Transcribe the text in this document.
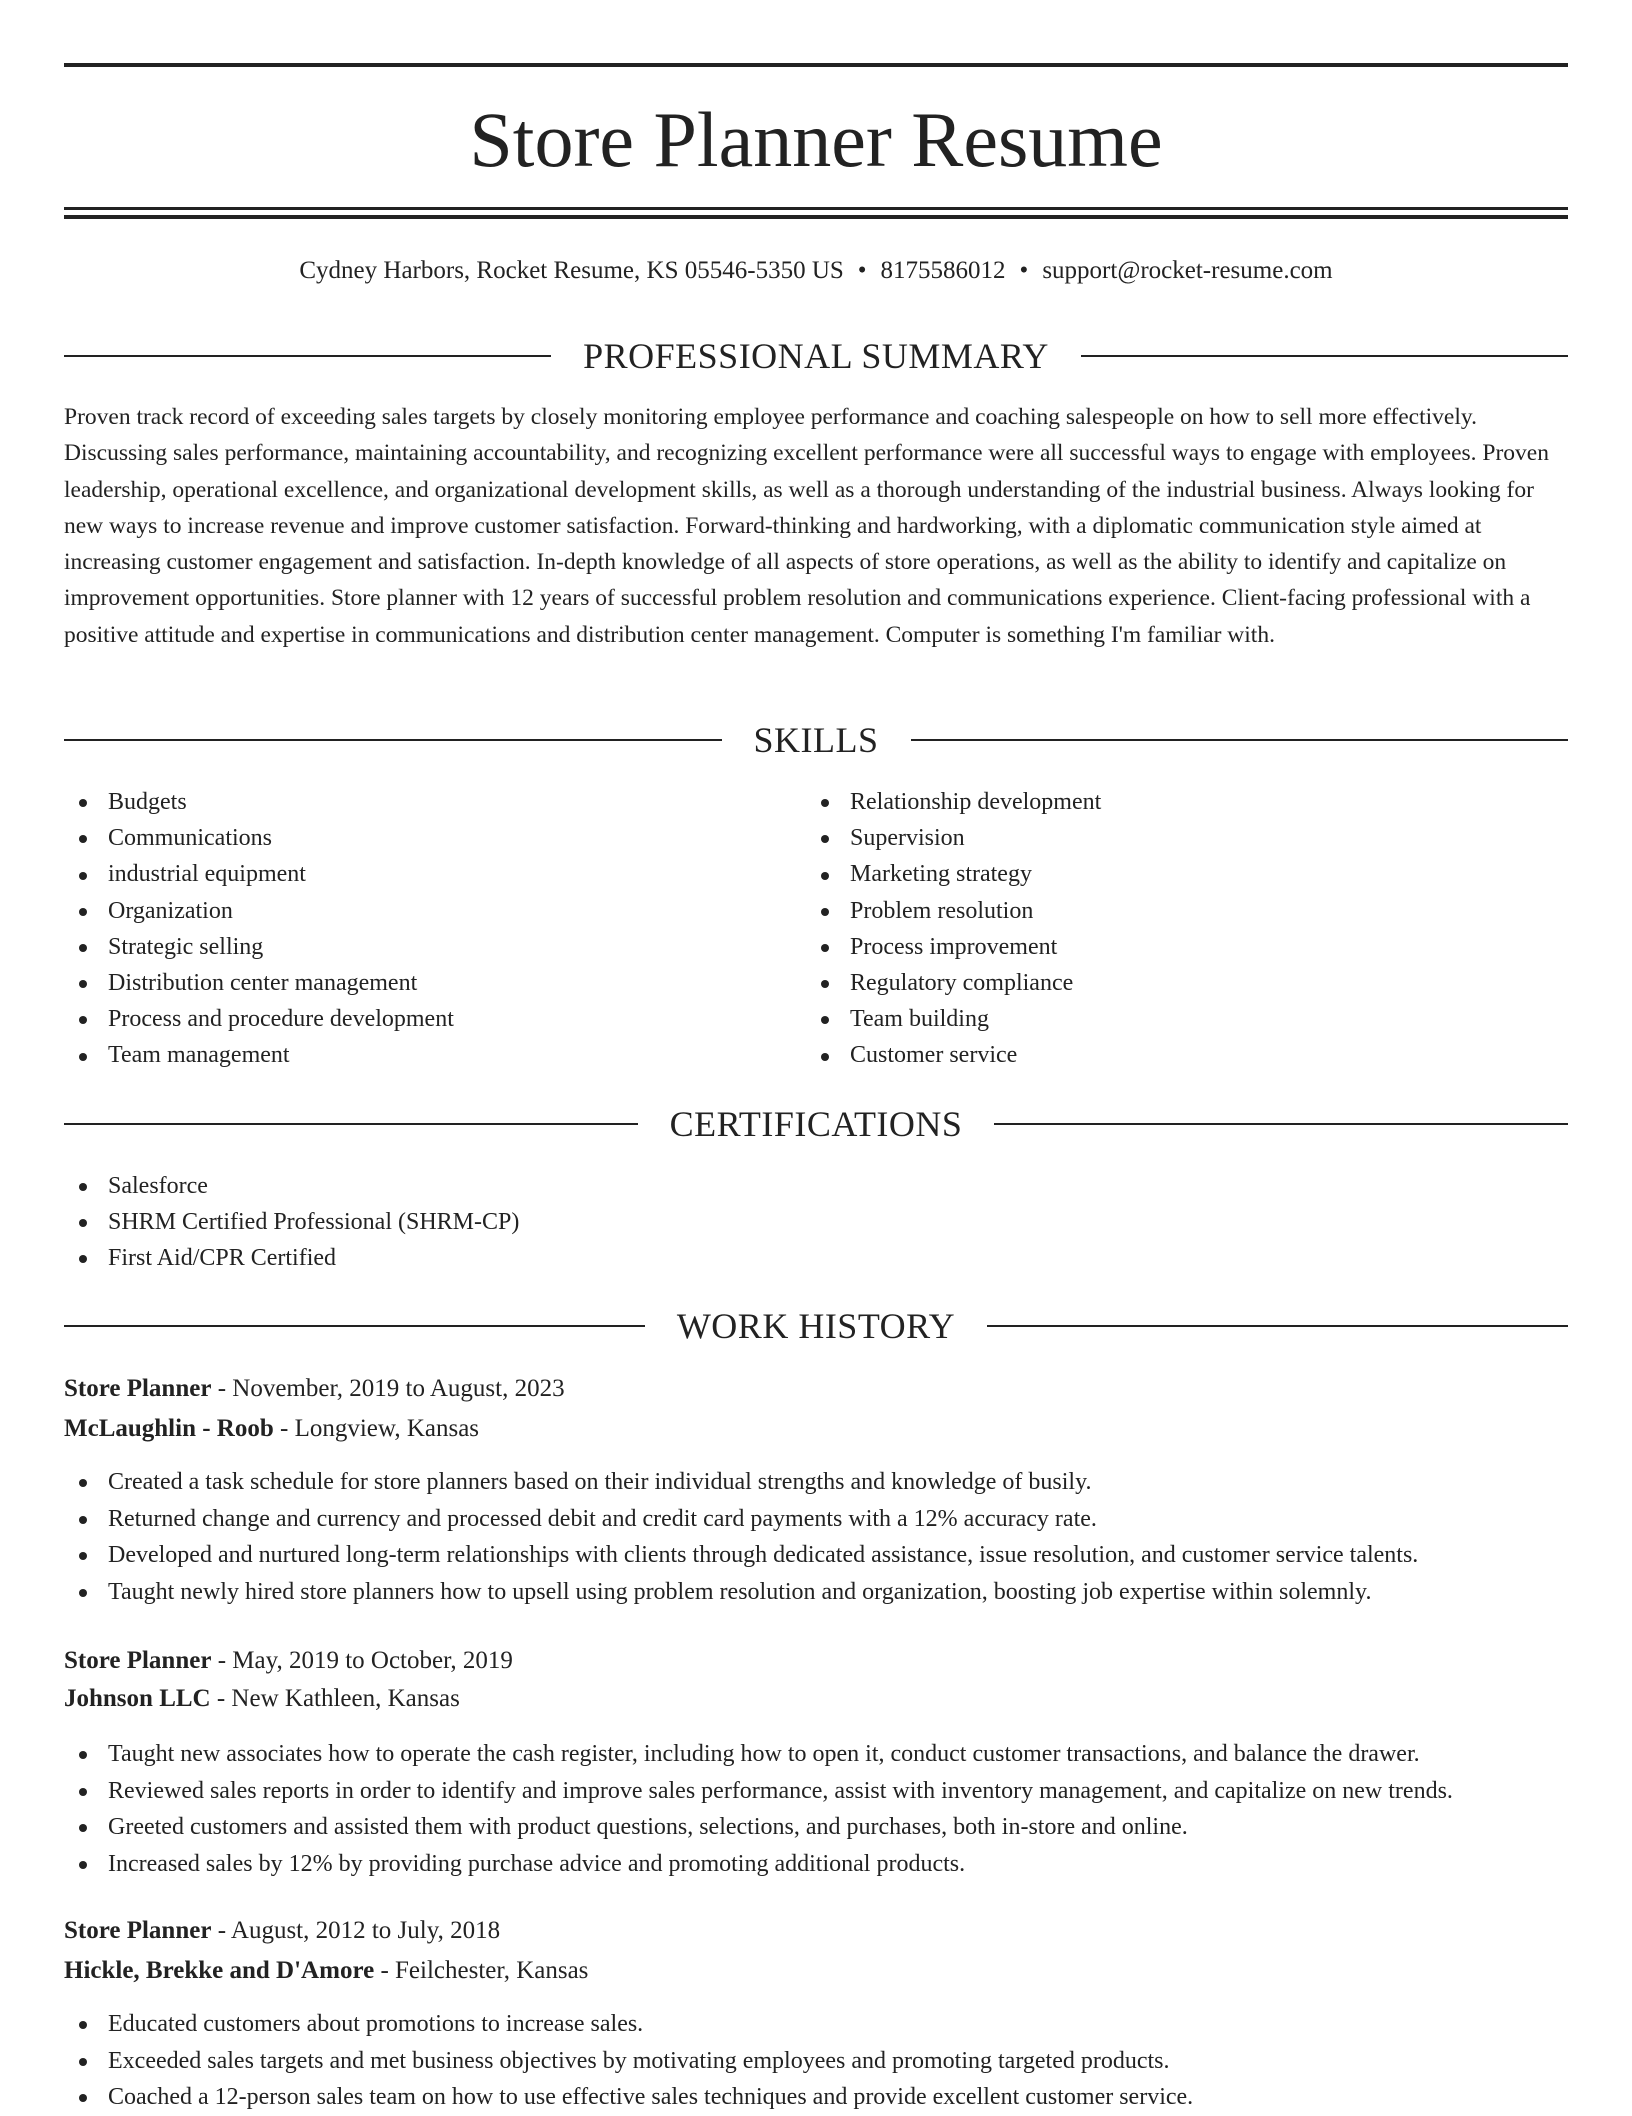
Store Planner Resume
Cydney Harbors, Rocket Resume, KS 05546-5350 US • 8175586012 • support@rocket-resume.com
PROFESSIONAL SUMMARY

Proven track record of exceeding sales targets by closely monitoring employee performance and coaching salespeople on how to sell more effectively. Discussing sales performance, maintaining accountability, and recognizing excellent performance were all successful ways to engage with employees. Proven leadership, operational excellence, and organizational development skills, as well as a thorough understanding of the industrial business. Always looking for new ways to increase revenue and improve customer satisfaction. Forward-thinking and hardworking, with a diplomatic communication style aimed at increasing customer engagement and satisfaction. In-depth knowledge of all aspects of store operations, as well as the ability to identify and capitalize on improvement opportunities. Store planner with 12 years of successful problem resolution and communications experience. Client-facing professional with a positive attitude and expertise in communications and distribution center management. Computer is something I'm familiar with.

SKILLS
Budgets
Communications
industrial equipment
Organization
Strategic selling
Distribution center management
Process and procedure development
Team management
Relationship development
Supervision
Marketing strategy
Problem resolution
Process improvement
Regulatory compliance
Team building
Customer service
CERTIFICATIONS
Salesforce
SHRM Certified Professional (SHRM-CP)
First Aid/CPR Certified
WORK HISTORY
Store Planner - November, 2019 to August, 2023
McLaughlin - Roob - Longview, Kansas
Created a task schedule for store planners based on their individual strengths and knowledge of busily.
Returned change and currency and processed debit and credit card payments with a 12% accuracy rate.
Developed and nurtured long-term relationships with clients through dedicated assistance, issue resolution, and customer service talents.
Taught newly hired store planners how to upsell using problem resolution and organization, boosting job expertise within solemnly.
Store Planner - May, 2019 to October, 2019
Johnson LLC - New Kathleen, Kansas
Taught new associates how to operate the cash register, including how to open it, conduct customer transactions, and balance the drawer.
Reviewed sales reports in order to identify and improve sales performance, assist with inventory management, and capitalize on new trends.
Greeted customers and assisted them with product questions, selections, and purchases, both in-store and online.
Increased sales by 12% by providing purchase advice and promoting additional products.
Store Planner - August, 2012 to July, 2018
Hickle, Brekke and D'Amore - Feilchester, Kansas
Educated customers about promotions to increase sales.
Exceeded sales targets and met business objectives by motivating employees and promoting targeted products.
Coached a 12-person sales team on how to use effective sales techniques and provide excellent customer service.
